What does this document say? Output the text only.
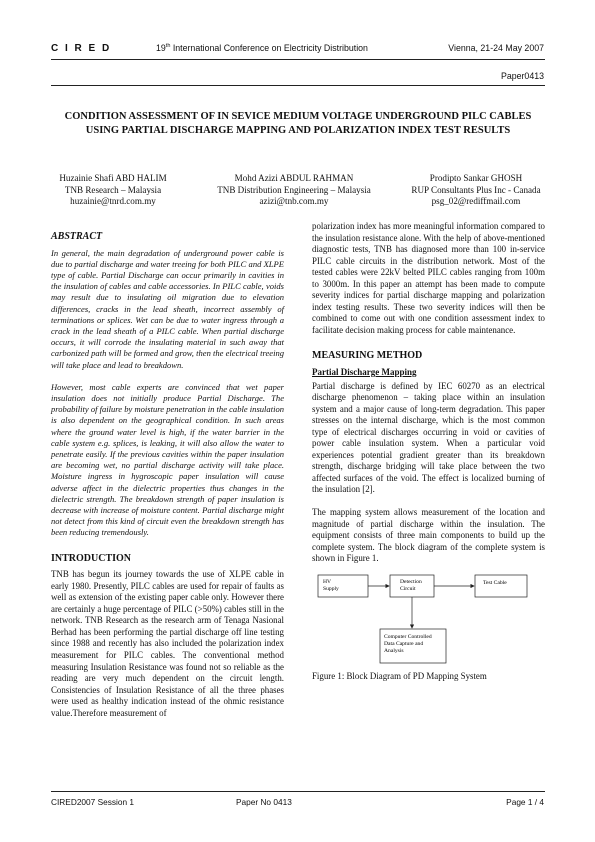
C I R E D	19th International Conference on Electricity Distribution	Vienna, 21-24 May 2007
Paper0413
CONDITION ASSESSMENT OF IN SEVICE MEDIUM VOLTAGE UNDERGROUND PILC CABLES USING PARTIAL DISCHARGE MAPPING AND POLARIZATION INDEX TEST RESULTS
Huzainie Shafi ABD HALIM
TNB Research – Malaysia
huzainie@tnrd.com.my
Mohd Azizi ABDUL RAHMAN
TNB Distribution Engineering – Malaysia
azizi@tnb.com.my
Prodipto Sankar GHOSH
RUP Consultants Plus Inc - Canada
psg_02@rediffmail.com
ABSTRACT

In general, the main degradation of underground power cable is due to partial discharge and water treeing for both PILC and XLPE type of cable. Partial Discharge can occur primarily in cavities in the insulation of cables and cable accessories. In PILC cable, voids may result due to insulating oil migration due to elevation differences, cracks in the lead sheath, incorrect assembly of terminations or splices. Wet can be due to water ingress through a crack in the lead sheath of a PILC cable. When partial discharge occurs, it will corrode the insulating material in such away that carbonized path will be formed and grow, then the electrical treeing will take place and lead to breakdown.

However, most cable experts are convinced that wet paper insulation does not initially produce Partial Discharge. The probability of failure by moisture penetration in the cable insulation is also dependent on the geographical condition. In such areas where the ground water level is high, if the water barrier in the cable system e.g. splices, is leaking, it will also allow the water to penetrate easily. If the previous cavities within the paper insulation are becoming wet, no partial discharge activity will take place. Moisture ingress in hygroscopic paper insulation will cause adverse affect in the dielectric properties thus changes in the dielectric strength. The breakdown strength of paper insulation is decrease with increase of moisture content. Partial discharge might not detect from this kind of circuit even the breakdown strength has been reducing tremendously.

INTRODUCTION

TNB has begun its journey towards the use of XLPE cable in early 1980. Presently, PILC cables are used for repair of faults as well as extension of the existing paper cable only. However there are certainly a huge percentage of PILC (>50%) cables still in the network. TNB Research as the research arm of Tenaga Nasional Berhad has been performing the partial discharge off line testing since 1988 and recently has also included the polarization index measurement for PILC cables. The conventional method measuring Insulation Resistance was found not so reliable as the reading are very much dependent on the circuit length. Consistencies of Insulation Resistance of all the three phases were used as healthy indication instead of the ohmic resistance value.Therefore measurement of

polarization index has more meaningful information compared to the insulation resistance alone. With the help of above-mentioned diagnostic tests, TNB has diagnosed more than 100 in-service PILC cable circuits in the distribution network. Most of the tested cables were 22kV belted PILC cables ranging from 100m to 3000m. In this paper an attempt has been made to compute severity indices for partial discharge mapping and polarization index testing results. These two severity indices will then be combined to come out with one condition assessment index to facilitate decision making process for cable maintenance.

MEASURING METHOD
Partial Discharge Mapping

Partial discharge is defined by IEC 60270 as an electrical discharge phenomenon – taking place within an insulation system and a major cause of long-term degradation. This paper stresses on the internal discharge, which is the most common type of electrical discharges occurring in void or cavities of power cable insulation system. When a particular void experiences potential gradient greater than its breakdown strength, discharge bridging will take place between the two affected surfaces of the void. The effect is localized burning of the insulation [2].

The mapping system allows measurement of the location and magnitude of partial discharge within the insulation. The equipment consists of three main components to build up the complete system. The block diagram of the complete system is shown in Figure 1.

HV
Supply
Detection
Circuit
Test Cable
Computer Controlled
Data Capture and
Analysis

Figure 1: Block Diagram of PD Mapping System

CIRED2007 Session 1	Paper No 0413	Page 1 / 4
